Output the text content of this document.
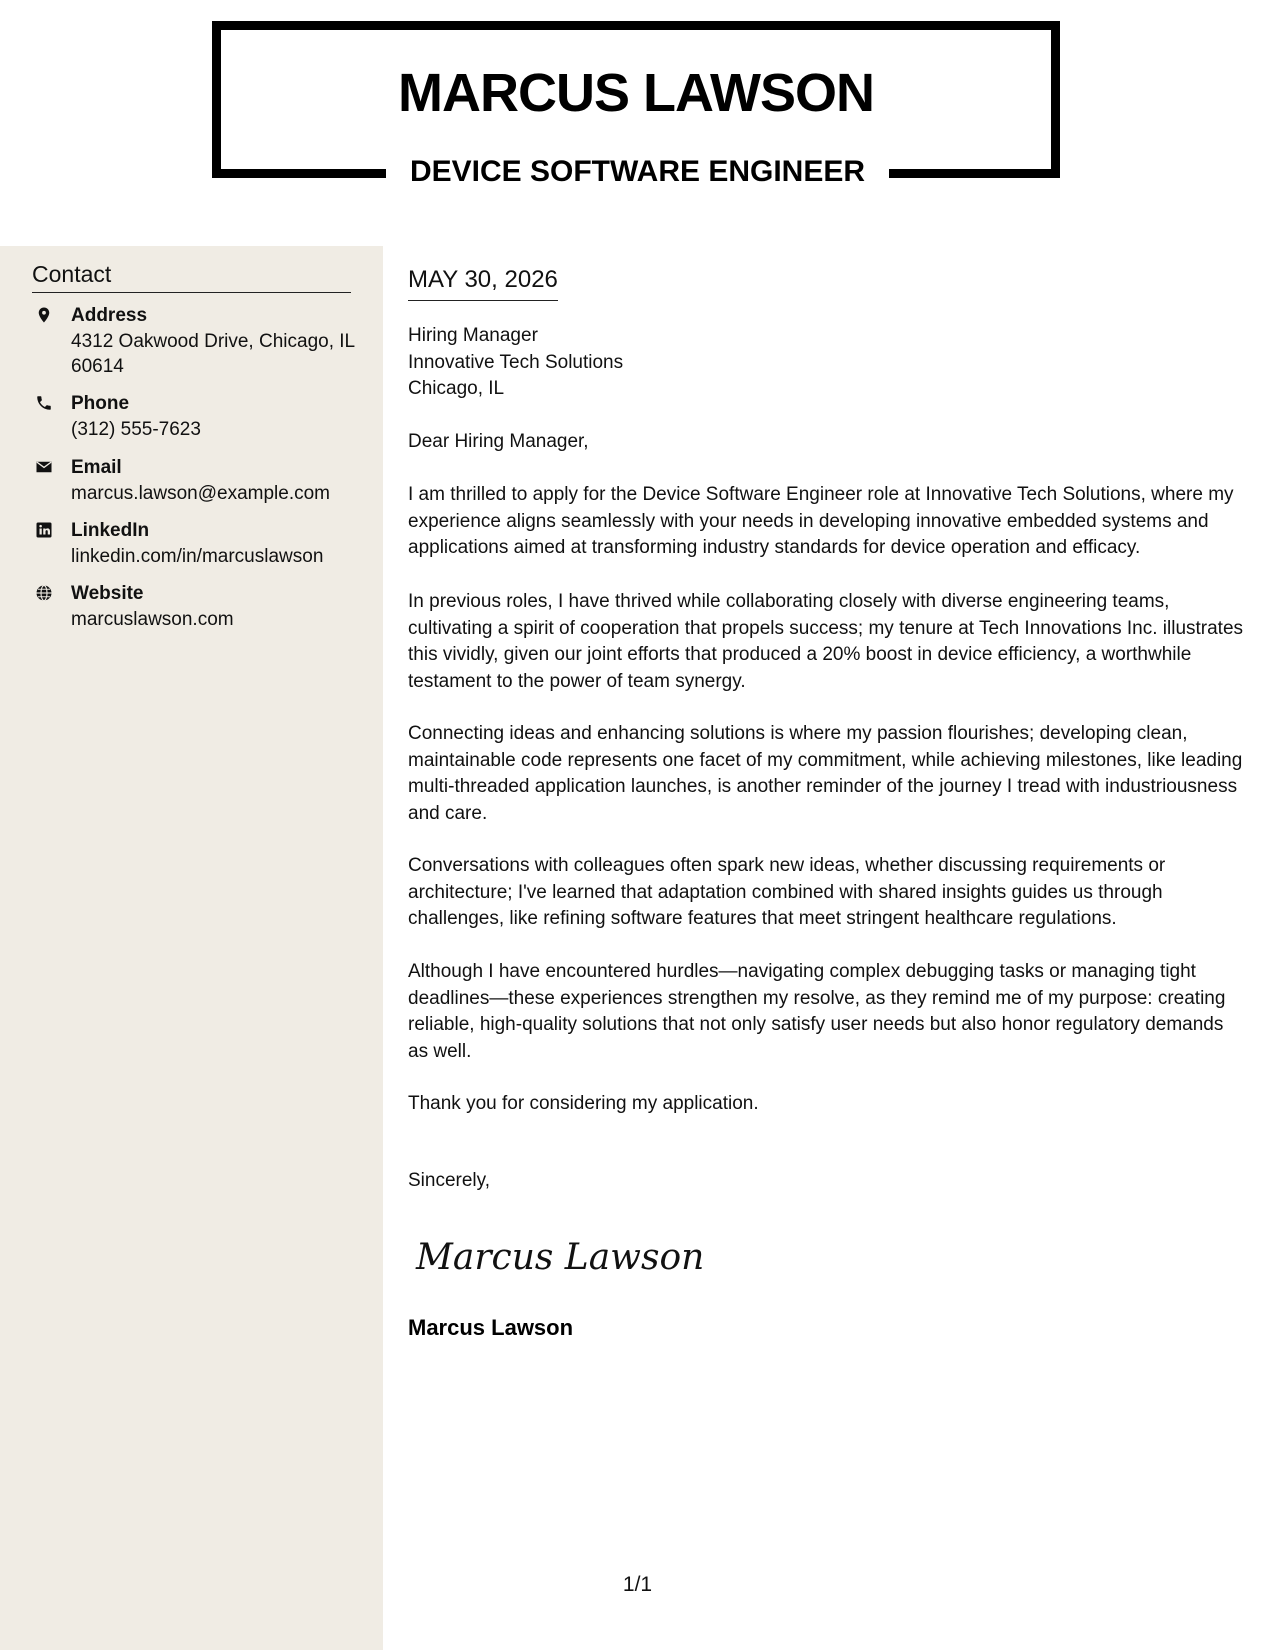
MARCUS LAWSON
DEVICE SOFTWARE ENGINEER
Contact
Address
4312 Oakwood Drive, Chicago, IL 60614
Phone
(312) 555-7623
Email
marcus.lawson@example.com
LinkedIn
linkedin.com/in/marcuslawson
Website
marcuslawson.com
MAY 30, 2026
Hiring Manager
Innovative Tech Solutions
Chicago, IL
Dear Hiring Manager,
I am thrilled to apply for the Device Software Engineer role at Innovative Tech Solutions, where my experience aligns seamlessly with your needs in developing innovative embedded systems and applications aimed at transforming industry standards for device operation and efficacy.
In previous roles, I have thrived while collaborating closely with diverse engineering teams, cultivating a spirit of cooperation that propels success; my tenure at Tech Innovations Inc. illustrates this vividly, given our joint efforts that produced a 20% boost in device efficiency, a worthwhile testament to the power of team synergy.
Connecting ideas and enhancing solutions is where my passion flourishes; developing clean, maintainable code represents one facet of my commitment, while achieving milestones, like leading multi-threaded application launches, is another reminder of the journey I tread with industriousness and care.
Conversations with colleagues often spark new ideas, whether discussing requirements or architecture; I've learned that adaptation combined with shared insights guides us through challenges, like refining software features that meet stringent healthcare regulations.
Although I have encountered hurdles—navigating complex debugging tasks or managing tight deadlines—these experiences strengthen my resolve, as they remind me of my purpose: creating reliable, high-quality solutions that not only satisfy user needs but also honor regulatory demands as well.
Thank you for considering my application.
Sincerely,
Marcus Lawson
Marcus Lawson
1/1
